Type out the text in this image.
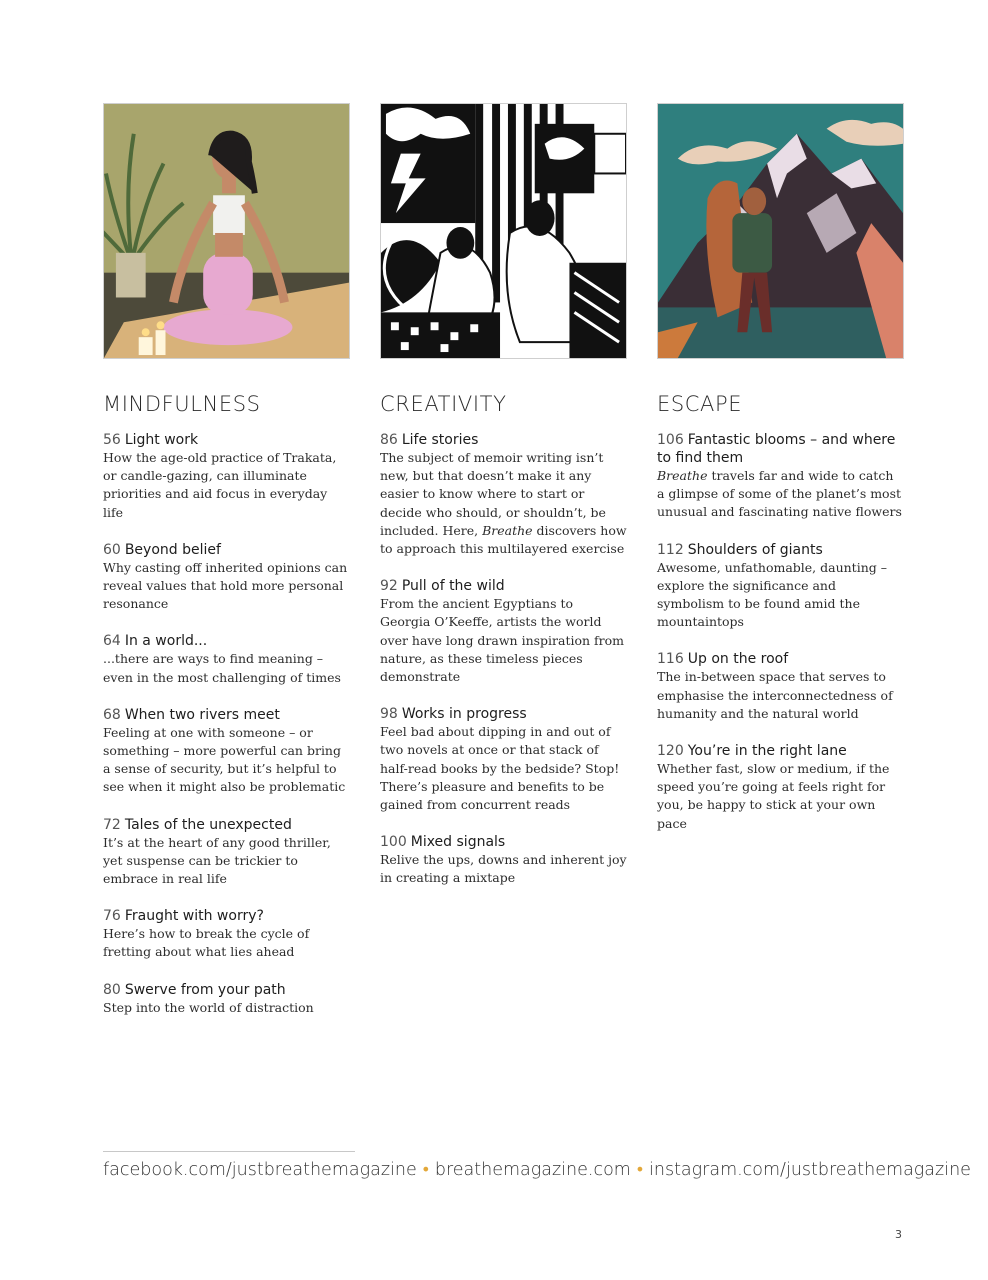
MINDFULNESS
56 Light work
How the age-old practice of Trakata, or candle-gazing, can illuminate priorities and aid focus in everyday life
60 Beyond belief
Why casting off inherited opinions can reveal values that hold more personal resonance
64 In a world...
...there are ways to find meaning – even in the most challenging of times
68 When two rivers meet
Feeling at one with someone – or something – more powerful can bring a sense of security, but it’s helpful to see when it might also be problematic
72 Tales of the unexpected
It’s at the heart of any good thriller, yet suspense can be trickier to embrace in real life
76 Fraught with worry?
Here’s how to break the cycle of fretting about what lies ahead
80 Swerve from your path
Step into the world of distraction
CREATIVITY
86 Life stories
The subject of memoir writing isn’t new, but that doesn’t make it any easier to know where to start or decide who should, or shouldn’t, be included. Here, Breathe discovers how to approach this multilayered exercise
92 Pull of the wild
From the ancient Egyptians to Georgia O’Keeffe, artists the world over have long drawn inspiration from nature, as these timeless pieces demonstrate
98 Works in progress
Feel bad about dipping in and out of two novels at once or that stack of half-read books by the bedside? Stop! There’s pleasure and benefits to be gained from concurrent reads
100 Mixed signals
Relive the ups, downs and inherent joy in creating a mixtape
ESCAPE
106 Fantastic blooms – and where to find them
Breathe travels far and wide to catch a glimpse of some of the planet’s most unusual and fascinating native flowers
112 Shoulders of giants
Awesome, unfathomable, daunting – explore the significance and symbolism to be found amid the mountaintops
116 Up on the roof
The in-between space that serves to emphasise the interconnectedness of humanity and the natural world
120 You’re in the right lane
Whether fast, slow or medium, if the speed you’re going at feels right for you, be happy to stick at your own pace
facebook.com/justbreathemagazine • breathemagazine.com • instagram.com/justbreathemagazine
3
